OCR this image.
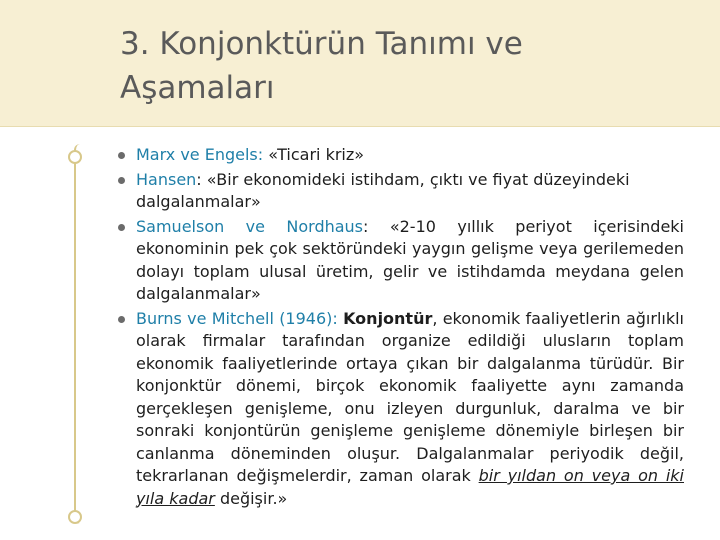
3. Konjonktürün Tanımı ve
Aşamaları
Marx ve Engels: «Ticari kriz»
Hansen: «Bir ekonomideki istihdam, çıktı ve fiyat düzeyindeki dalgalanmalar»
Samuelson ve Nordhaus: «2-10 yıllık periyot içerisindeki ekonominin pek çok sektöründeki yaygın gelişme veya gerilemeden dolayı toplam ulusal üretim, gelir ve istihdamda meydana gelen dalgalanmalar»
Burns ve Mitchell (1946): Konjontür, ekonomik faaliyetlerin ağırlıklı olarak firmalar tarafından organize edildiği ulusların toplam ekonomik faaliyetlerinde ortaya çıkan bir dalgalanma türüdür. Bir konjonktür dönemi, birçok ekonomik faaliyette aynı zamanda gerçekleşen genişleme, onu izleyen durgunluk, daralma ve bir sonraki konjontürün genişleme genişleme dönemiyle birleşen bir canlanma döneminden oluşur. Dalgalanmalar periyodik değil, tekrarlanan değişmelerdir, zaman olarak bir yıldan on veya on iki yıla kadar değişir.»
